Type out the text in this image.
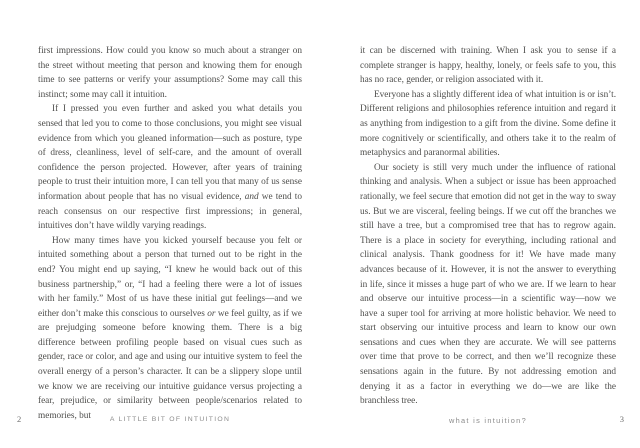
first impressions. How could you know so much about a stranger on the street without meeting that person and knowing them for enough time to see patterns or verify your assumptions? Some may call this instinct; some may call it intuition.

If I pressed you even further and asked you what details you sensed that led you to come to those conclusions, you might see visual evidence from which you gleaned information—such as posture, type of dress, cleanliness, level of self-care, and the amount of overall confidence the person projected. However, after years of training people to trust their intuition more, I can tell you that many of us sense information about people that has no visual evidence, and we tend to reach consensus on our respective first impressions; in general, intuitives don’t have wildly varying readings.

How many times have you kicked yourself because you felt or intuited something about a person that turned out to be right in the end? You might end up saying, “I knew he would back out of this business partnership,” or, “I had a feeling there were a lot of issues with her family.” Most of us have these initial gut feelings—and we either don’t make this conscious to ourselves or we feel guilty, as if we are prejudging someone before knowing them. There is a big difference between profiling people based on visual cues such as gender, race or color, and age and using our intuitive system to feel the overall energy of a person’s character. It can be a slippery slope until we know we are receiving our intuitive guidance versus projecting a fear, prejudice, or similarity between people/scenarios related to memories, but

it can be discerned with training. When I ask you to sense if a complete stranger is happy, healthy, lonely, or feels safe to you, this has no race, gender, or religion associated with it.

Everyone has a slightly different idea of what intuition is or isn’t. Different religions and philosophies reference intuition and regard it as anything from indigestion to a gift from the divine. Some define it more cognitively or scientifically, and others take it to the realm of metaphysics and paranormal abilities.

Our society is still very much under the influence of rational thinking and analysis. When a subject or issue has been approached rationally, we feel secure that emotion did not get in the way to sway us. But we are visceral, feeling beings. If we cut off the branches we still have a tree, but a compromised tree that has to regrow again. There is a place in society for everything, including rational and clinical analysis. Thank goodness for it! We have made many advances because of it. However, it is not the answer to everything in life, since it misses a huge part of who we are. If we learn to hear and observe our intuitive process—in a scientific way—now we have a super tool for arriving at more holistic behavior. We need to start observing our intuitive process and learn to know our own sensations and cues when they are accurate. We will see patterns over time that prove to be correct, and then we’ll recognize these sensations again in the future. By not addressing emotion and denying it as a factor in everything we do—we are like the branchless tree.

2	A LITTLE BIT OF INTUITION	what is intuition?	3
